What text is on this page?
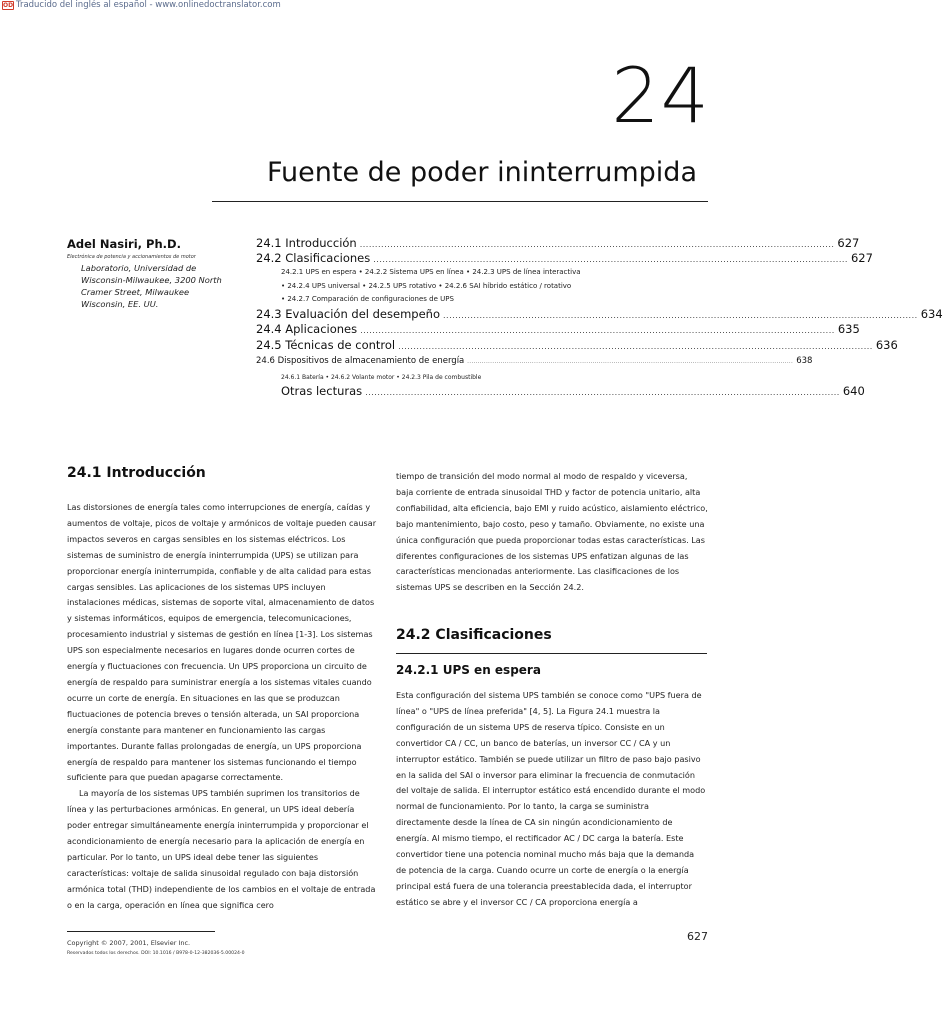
OD Traducido del inglés al español - www.onlinedoctranslator.com
24
Fuente de poder ininterrumpida
Adel Nasiri, Ph.D.
Electrónica de potencia y accionamientos de motor
Laboratorio, Universidad de
Wisconsin-Milwaukee, 3200 North
Cramer Street, Milwaukee
Wisconsin, EE. UU.
24.1 Introducción ............................................................................................................................................................ 627
24.2 Clasificaciones ............................................................................................................................................................ 627
24.2.1 UPS en espera • 24.2.2 Sistema UPS en línea • 24.2.3 UPS de línea interactiva
• 24.2.4 UPS universal • 24.2.5 UPS rotativo • 24.2.6 SAI híbrido estático / rotativo
• 24.2.7 Comparación de configuraciones de UPS
24.3 Evaluación del desempeño ............................................................................................................................................................ 634
24.4 Aplicaciones ............................................................................................................................................................ 635
24.5 Técnicas de control ............................................................................................................................................................ 636
24.6 Dispositivos de almacenamiento de energía ............................................................................................................................................................ 638
24.6.1 Batería • 24.6.2 Volante motor • 24.2.3 Pila de combustible
Otras lecturas ............................................................................................................................................................ 640
24.1 Introducción
Las distorsiones de energía tales como interrupciones de energía, caídas y
aumentos de voltaje, picos de voltaje y armónicos de voltaje pueden causar
impactos severos en cargas sensibles en los sistemas eléctricos. Los
sistemas de suministro de energía ininterrumpida (UPS) se utilizan para
proporcionar energía ininterrumpida, confiable y de alta calidad para estas
cargas sensibles. Las aplicaciones de los sistemas UPS incluyen
instalaciones médicas, sistemas de soporte vital, almacenamiento de datos
y sistemas informáticos, equipos de emergencia, telecomunicaciones,
procesamiento industrial y sistemas de gestión en línea [1-3]. Los sistemas
UPS son especialmente necesarios en lugares donde ocurren cortes de
energía y fluctuaciones con frecuencia. Un UPS proporciona un circuito de
energía de respaldo para suministrar energía a los sistemas vitales cuando
ocurre un corte de energía. En situaciones en las que se produzcan
fluctuaciones de potencia breves o tensión alterada, un SAI proporciona
energía constante para mantener en funcionamiento las cargas
importantes. Durante fallas prolongadas de energía, un UPS proporciona
energía de respaldo para mantener los sistemas funcionando el tiempo
suficiente para que puedan apagarse correctamente.
La mayoría de los sistemas UPS también suprimen los transitorios de
línea y las perturbaciones armónicas. En general, un UPS ideal debería
poder entregar simultáneamente energía ininterrumpida y proporcionar el
acondicionamiento de energía necesario para la aplicación de energía en
particular. Por lo tanto, un UPS ideal debe tener las siguientes
características: voltaje de salida sinusoidal regulado con baja distorsión
armónica total (THD) independiente de los cambios en el voltaje de entrada
o en la carga, operación en línea que significa cero
tiempo de transición del modo normal al modo de respaldo y viceversa,
baja corriente de entrada sinusoidal THD y factor de potencia unitario, alta
confiabilidad, alta eficiencia, bajo EMI y ruido acústico, aislamiento eléctrico,
bajo mantenimiento, bajo costo, peso y tamaño. Obviamente, no existe una
única configuración que pueda proporcionar todas estas características. Las
diferentes configuraciones de los sistemas UPS enfatizan algunas de las
características mencionadas anteriormente. Las clasificaciones de los
sistemas UPS se describen en la Sección 24.2.
24.2 Clasificaciones
24.2.1 UPS en espera
Esta configuración del sistema UPS también se conoce como "UPS fuera de
línea" o "UPS de línea preferida" [4, 5]. La Figura 24.1 muestra la
configuración de un sistema UPS de reserva típico. Consiste en un
convertidor CA / CC, un banco de baterías, un inversor CC / CA y un
interruptor estático. También se puede utilizar un filtro de paso bajo pasivo
en la salida del SAI o inversor para eliminar la frecuencia de conmutación
del voltaje de salida. El interruptor estático está encendido durante el modo
normal de funcionamiento. Por lo tanto, la carga se suministra
directamente desde la línea de CA sin ningún acondicionamiento de
energía. Al mismo tiempo, el rectificador AC / DC carga la batería. Este
convertidor tiene una potencia nominal mucho más baja que la demanda
de potencia de la carga. Cuando ocurre un corte de energía o la energía
principal está fuera de una tolerancia preestablecida dada, el interruptor
estático se abre y el inversor CC / CA proporciona energía a
Copyright © 2007, 2001, Elsevier Inc.
Reservados todos los derechos. DOI: 10.1016 / B978-0-12-382036-5.00024-0
627
